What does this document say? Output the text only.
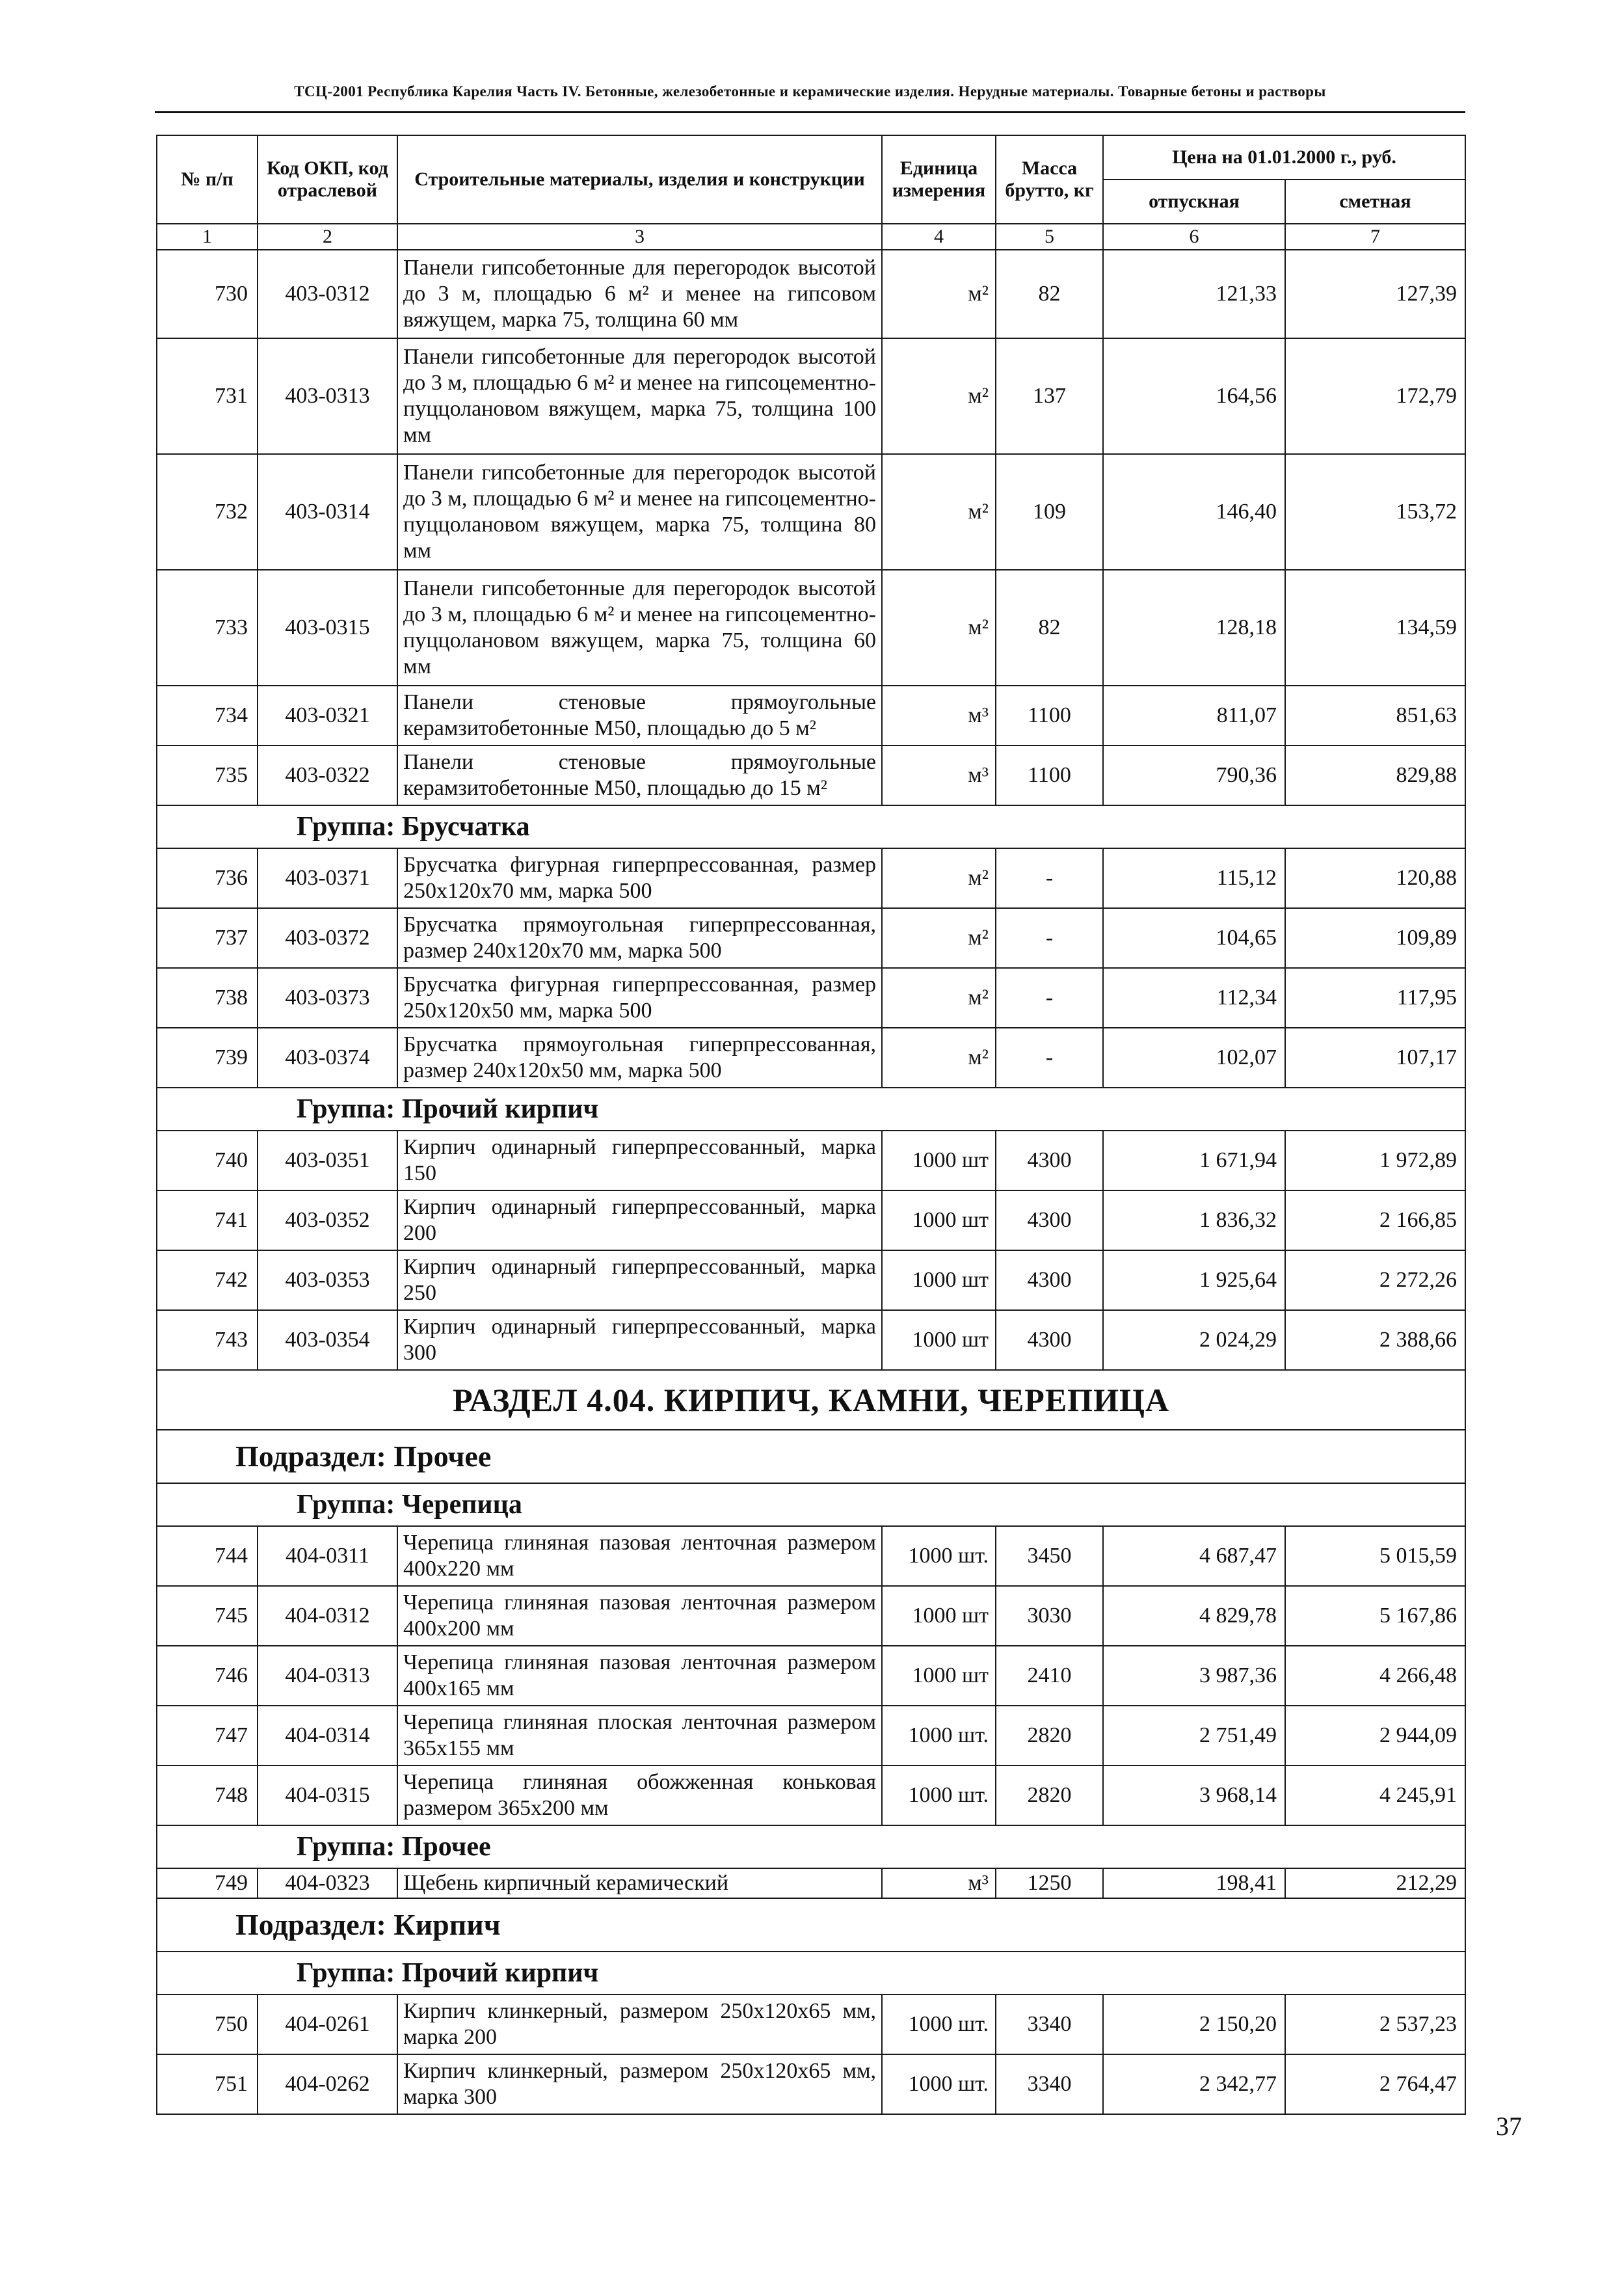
ТСЦ-2001 Республика Карелия Часть IV. Бетонные, железобетонные и керамические изделия. Нерудные материалы. Товарные бетоны и растворы
№ п/п	Код ОКП, код отраслевой	Строительные материалы, изделия и конструкции	Единица измерения	Масса брутто, кг	Цена на 01.01.2000 г., руб.	
					отпускная	сметная
1	2	3	4	5	6	7
730	403-0312	Панели гипсобетонные для перегородок высотой до 3 м, площадью 6 м² и менее на гипсовом вяжущем, марка 75, толщина 60 мм	м²	82	121,33	127,39
731	403-0313	Панели гипсобетонные для перегородок высотой до 3 м, площадью 6 м² и менее на гипсоцементно-пуццолановом вяжущем, марка 75, толщина 100 мм	м²	137	164,56	172,79
732	403-0314	Панели гипсобетонные для перегородок высотой до 3 м, площадью 6 м² и менее на гипсоцементно-пуццолановом вяжущем, марка 75, толщина 80 мм	м²	109	146,40	153,72
733	403-0315	Панели гипсобетонные для перегородок высотой до 3 м, площадью 6 м² и менее на гипсоцементно-пуццолановом вяжущем, марка 75, толщина 60 мм	м²	82	128,18	134,59
734	403-0321	Панели стеновые прямоугольные керамзитобетонные М50, площадью до 5 м²	м³	1100	811,07	851,63
735	403-0322	Панели стеновые прямоугольные керамзитобетонные М50, площадью до 15 м²	м³	1100	790,36	829,88
Группа: Брусчатка						
736	403-0371	Брусчатка фигурная гиперпрессованная, размер 250х120х70 мм, марка 500	м²	-	115,12	120,88
737	403-0372	Брусчатка прямоугольная гиперпрессованная, размер 240х120х70 мм, марка 500	м²	-	104,65	109,89
738	403-0373	Брусчатка фигурная гиперпрессованная, размер 250х120х50 мм, марка 500	м²	-	112,34	117,95
739	403-0374	Брусчатка прямоугольная гиперпрессованная, размер 240х120х50 мм, марка 500	м²	-	102,07	107,17
Группа: Прочий кирпич						
740	403-0351	Кирпич одинарный гиперпрессованный, марка 150	1000 шт	4300	1 671,94	1 972,89
741	403-0352	Кирпич одинарный гиперпрессованный, марка 200	1000 шт	4300	1 836,32	2 166,85
742	403-0353	Кирпич одинарный гиперпрессованный, марка 250	1000 шт	4300	1 925,64	2 272,26
743	403-0354	Кирпич одинарный гиперпрессованный, марка 300	1000 шт	4300	2 024,29	2 388,66
РАЗДЕЛ 4.04. КИРПИЧ, КАМНИ, ЧЕРЕПИЦА						
Подраздел: Прочее						
Группа: Черепица						
744	404-0311	Черепица глиняная пазовая ленточная размером 400х220 мм	1000 шт.	3450	4 687,47	5 015,59
745	404-0312	Черепица глиняная пазовая ленточная размером 400х200 мм	1000 шт	3030	4 829,78	5 167,86
746	404-0313	Черепица глиняная пазовая ленточная размером 400х165 мм	1000 шт	2410	3 987,36	4 266,48
747	404-0314	Черепица глиняная плоская ленточная размером 365х155 мм	1000 шт.	2820	2 751,49	2 944,09
748	404-0315	Черепица глиняная обожженная коньковая размером 365х200 мм	1000 шт.	2820	3 968,14	4 245,91
Группа: Прочее						
749	404-0323	Щебень кирпичный керамический	м³	1250	198,41	212,29
Подраздел: Кирпич						
Группа: Прочий кирпич						
750	404-0261	Кирпич клинкерный, размером 250х120х65 мм, марка 200	1000 шт.	3340	2 150,20	2 537,23
751	404-0262	Кирпич клинкерный, размером 250х120х65 мм, марка 300	1000 шт.	3340	2 342,77	2 764,47
37
